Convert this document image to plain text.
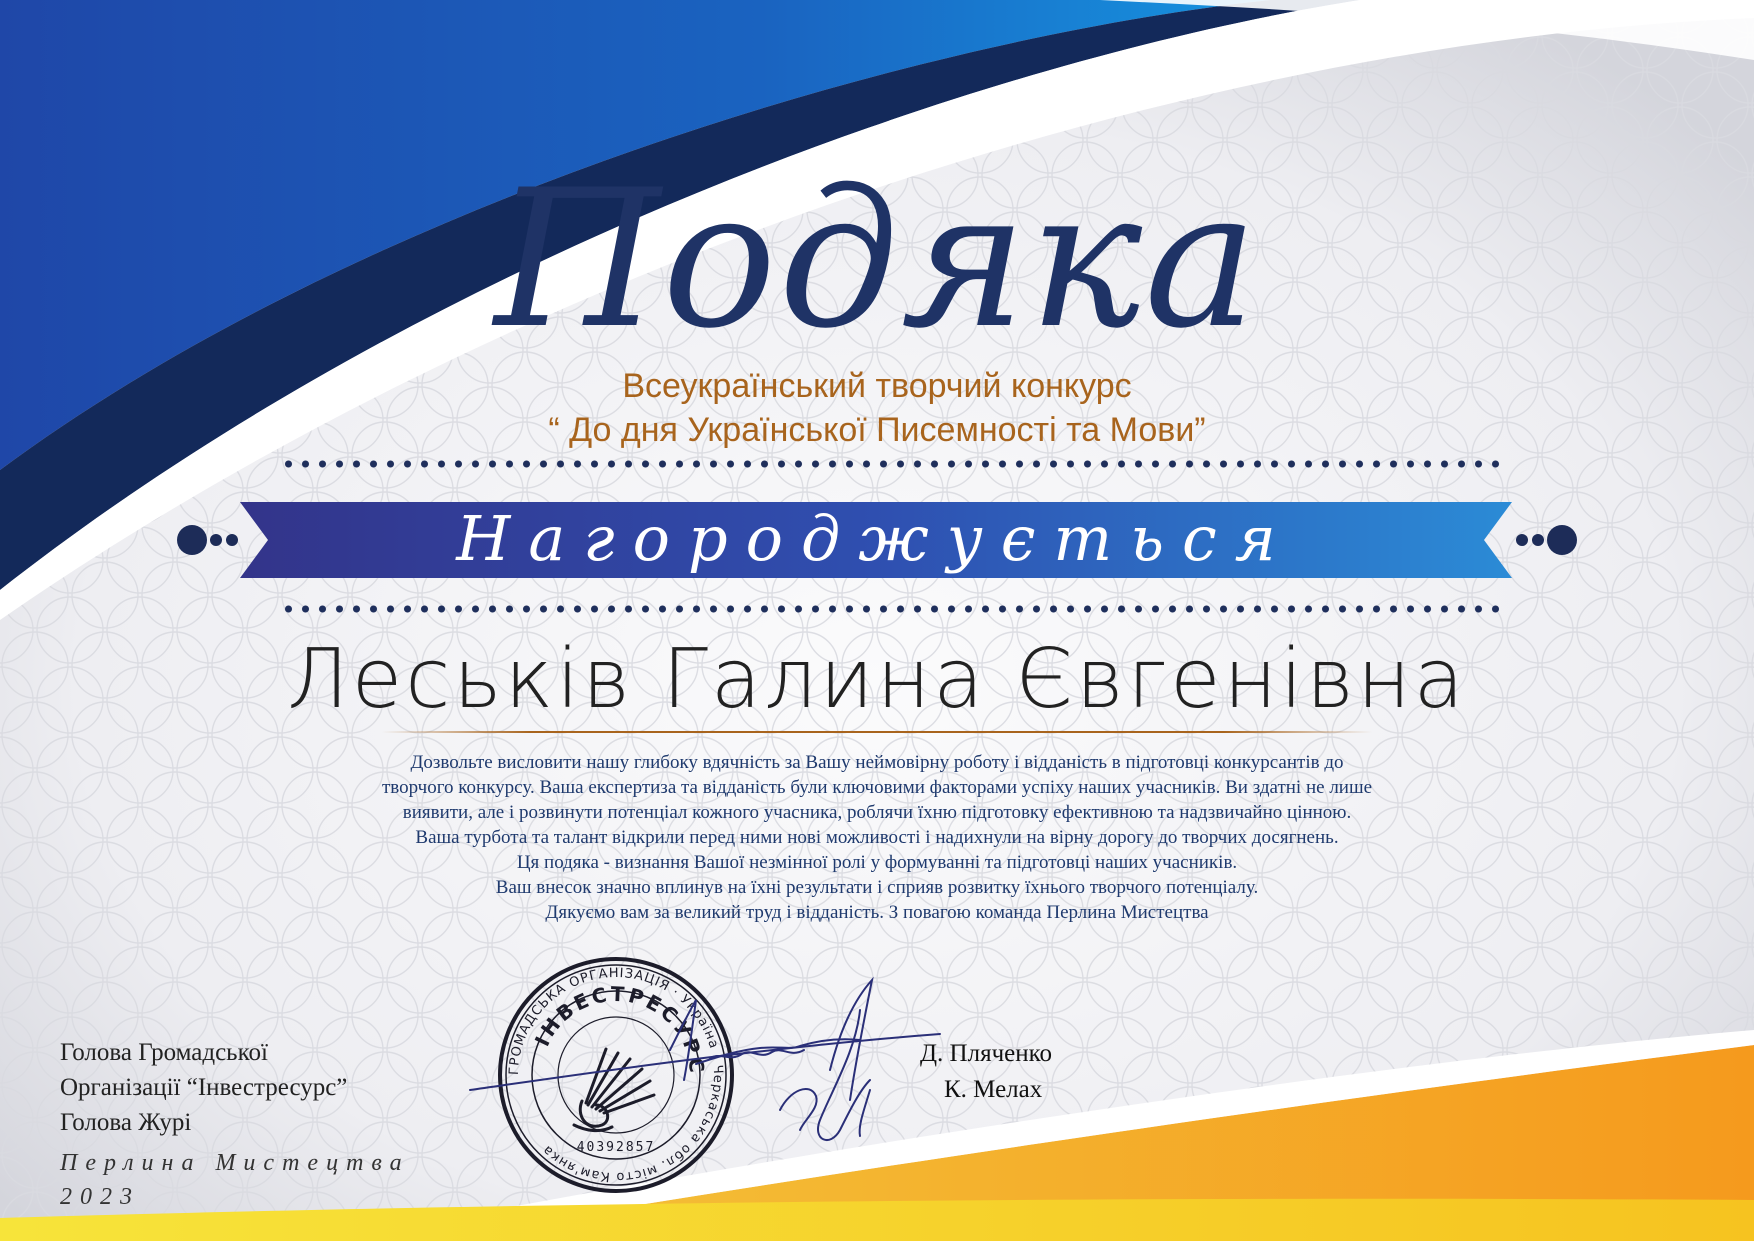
Подяка
Всеукраїнський творчий конкурс
“ До дня Української Писемності та Мови”
Нагороджується
Леськів Галина Євгенівна

Дозвольте висловити нашу глибоку вдячність за Вашу неймовірну роботу і відданість в підготовці конкурсантів до творчого конкурсу. Ваша експертиза та відданість були ключовими факторами успіху наших учасників. Ви здатні не лише виявити, але і розвинути потенціал кожного учасника, роблячи їхню підготовку ефективною та надзвичайно цінною. Ваша турбота та талант відкрили перед ними нові можливості і надихнули на вірну дорогу до творчих досягнень.

Ця подяка - визнання Вашої незмінної ролі у формуванні та підготовці наших учасників.

Ваш внесок значно вплинув на їхні результати і сприяв розвитку їхнього творчого потенціалу.

Дякуємо вам за великий труд і відданість. З повагою команда Перлина Мистецтва

ГРОМАДСЬКА ОРГАНІЗАЦІЯ · Україна · Черкаська обл. місто Кам'янка
ІНВЕСТРЕСУРС
40392857

Голова Громадської

Організації “Інвестресурс”

Голова Журі

Перлина Мистецтва
2023

Д. Пляченко

К. Мелах
